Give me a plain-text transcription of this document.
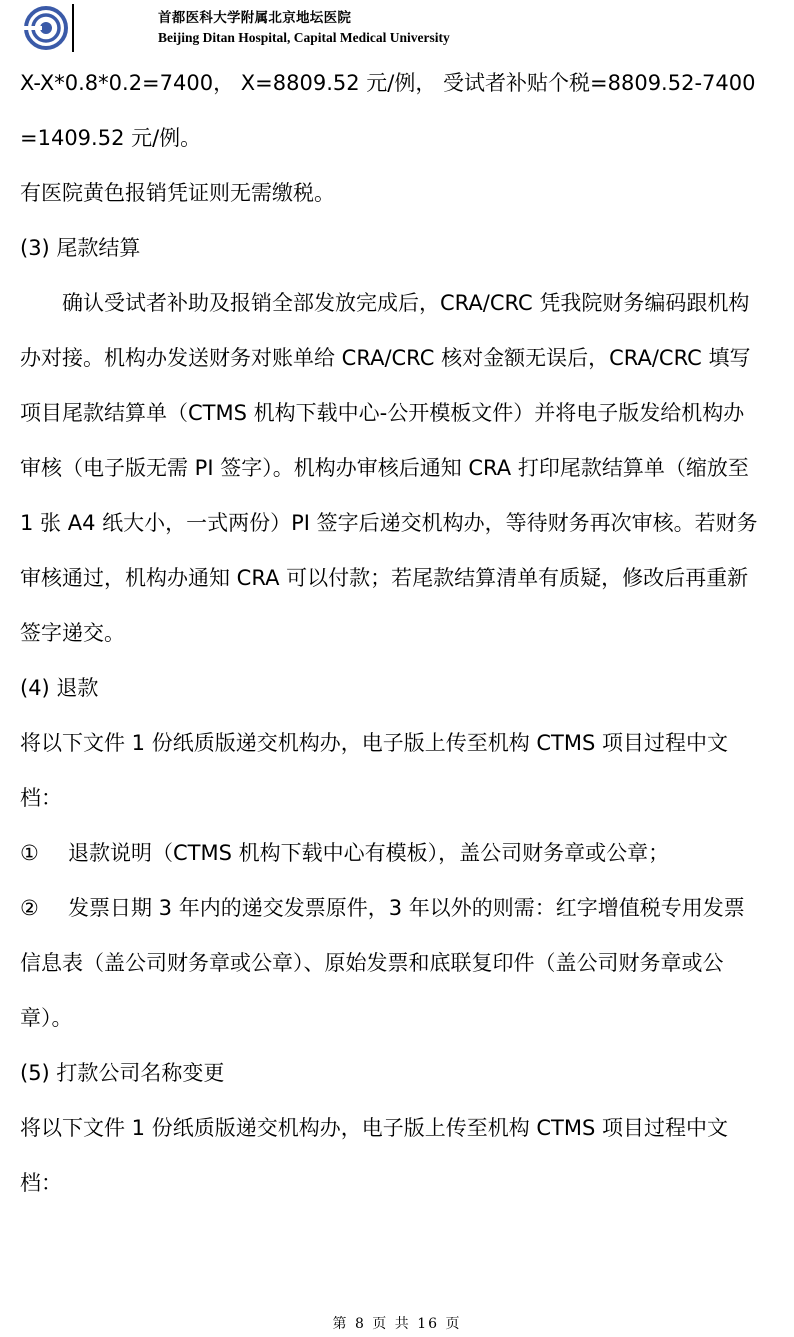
首都医科大学附属北京地坛医院
Beijing Ditan Hospital, Capital Medical University

X-X*0.8*0.2=7400， X=8809.52 元/例， 受试者补贴个税=8809.52-7400=1409.52 元/例。

有医院黄色报销凭证则无需缴税。

(3) 尾款结算

确认受试者补助及报销全部发放完成后，CRA/CRC 凭我院财务编码跟机构办对接。机构办发送财务对账单给 CRA/CRC 核对金额无误后，CRA/CRC 填写项目尾款结算单（CTMS 机构下载中心-公开模板文件）并将电子版发给机构办审核（电子版无需 PI 签字）。机构办审核后通知 CRA 打印尾款结算单（缩放至 1 张 A4 纸大小，一式两份）PI 签字后递交机构办，等待财务再次审核。若财务审核通过，机构办通知 CRA 可以付款；若尾款结算清单有质疑，修改后再重新签字递交。

(4) 退款

将以下文件 1 份纸质版递交机构办，电子版上传至机构 CTMS 项目过程中文档：

① 退款说明（CTMS 机构下载中心有模板），盖公司财务章或公章；

② 发票日期 3 年内的递交发票原件，3 年以外的则需：红字增值税专用发票信息表（盖公司财务章或公章）、原始发票和底联复印件（盖公司财务章或公章）。

(5) 打款公司名称变更

将以下文件 1 份纸质版递交机构办，电子版上传至机构 CTMS 项目过程中文档：

第 8 页 共 16 页
